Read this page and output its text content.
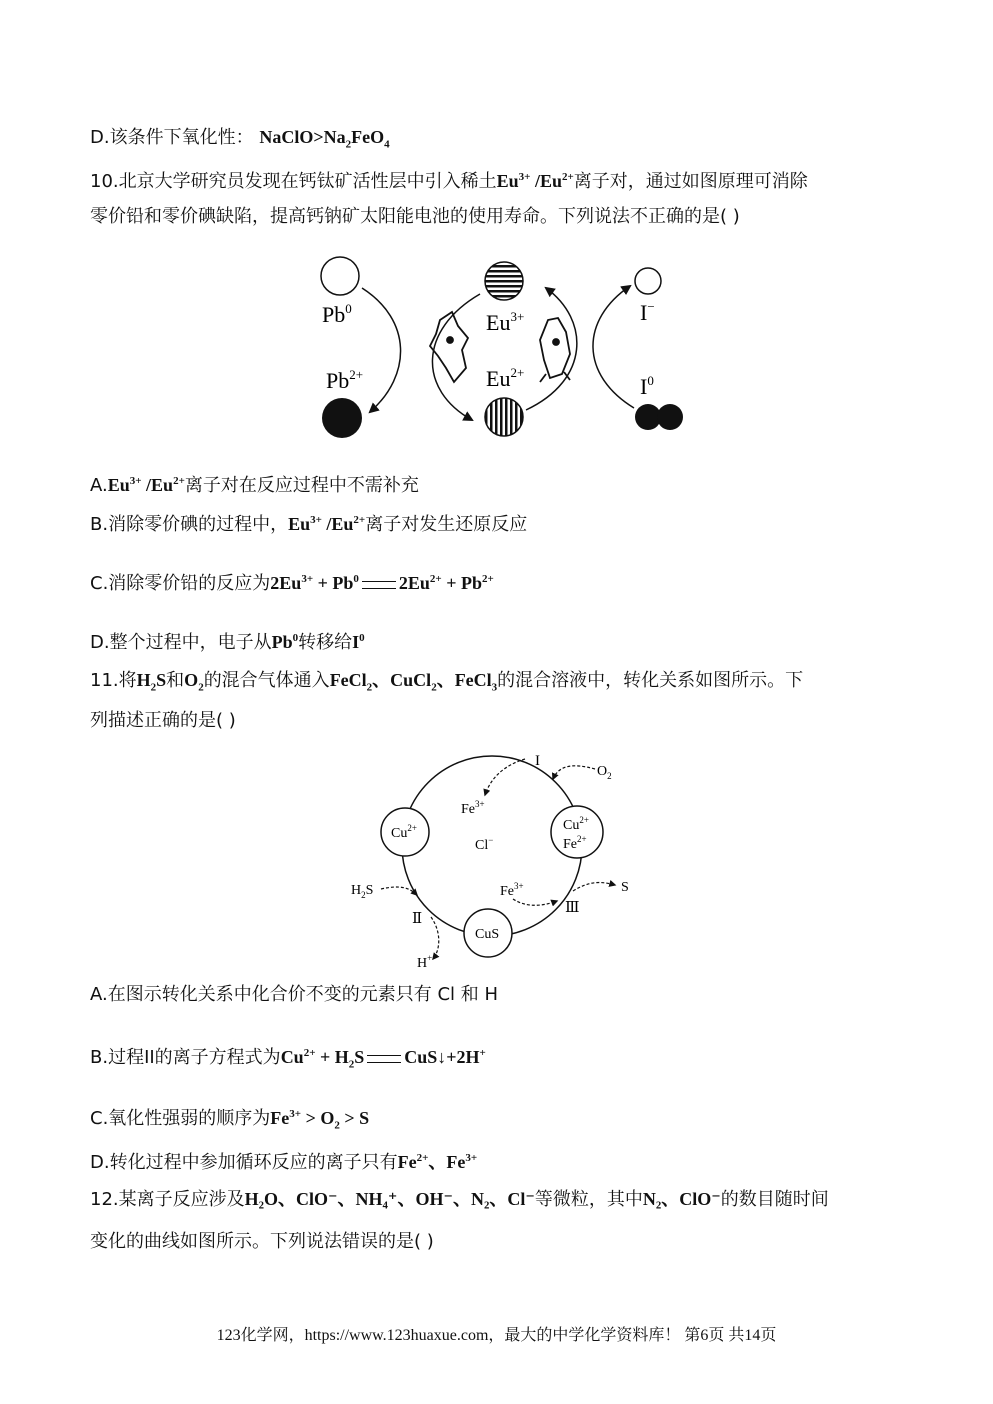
D.该条件下氧化性： $NaClO>Na_2FeO_4$
10.北京大学研究员发现在钙钛矿活性层中引入稀土$Eu^{3+}$ $/Eu^{2+}$离子对，通过如图原理可消除
零价铅和零价碘缺陷，提高钙钠矿太阳能电池的使用寿命。下列说法不正确的是( )
Pb$^0$
$Pb^{2+}$
$Eu^{3+}$
$Eu^{2+}$
I−
$I^0$
$A.Eu^{3+}$ $/Eu^{2+}$离子对在反应过程中不需补充
B.消除零价碘的过程中，$Eu^{3+}$ $/Eu^{2+}$离子对发生还原反应
C.消除零价铅的反应为$2Eu^{3+} + Pb^0$ $2Eu^{2+} + Pb^{2+}$
D.整个过程中，电子从Pb$^0$转移给$I^0$
11.将$H_2S$和$O_2$的混合气体通入FeCl$_2$、CuCl$_2$、FeCl$_3$的混合溶液中，转化关系如图所示。下
列描述正确的是( )
$Cu^{2+}$	$Cu^{2+}$
$Fe^{2+}$
CuS
$Fe^{3+}$
Cl−
$Fe^{3+}$
I
Ⅱ
Ⅲ
$O_2$
$H_2S$
H+
S
A.在图示转化关系中化合价不变的元素只有 Cl 和 H
B.过程II的离子方程式为$Cu^{2+} + H_2S$ CuS↓+2H+
C.氧化性强弱的顺序为$Fe^{3+} > O_2 > S$
D.转化过程中参加循环反应的离子只有$Fe^{2+}$、$Fe^{3+}$
12.某离子反应涉及H₂O、ClO⁻、NH₄⁺、OH⁻、N₂、Cl⁻等微粒，其中N₂、ClO⁻的数目随时间
变化的曲线如图所示。下列说法错误的是( )
123化学网，https://www.123huaxue.com，最大的中学化学资料库！ 第6页 共14页
